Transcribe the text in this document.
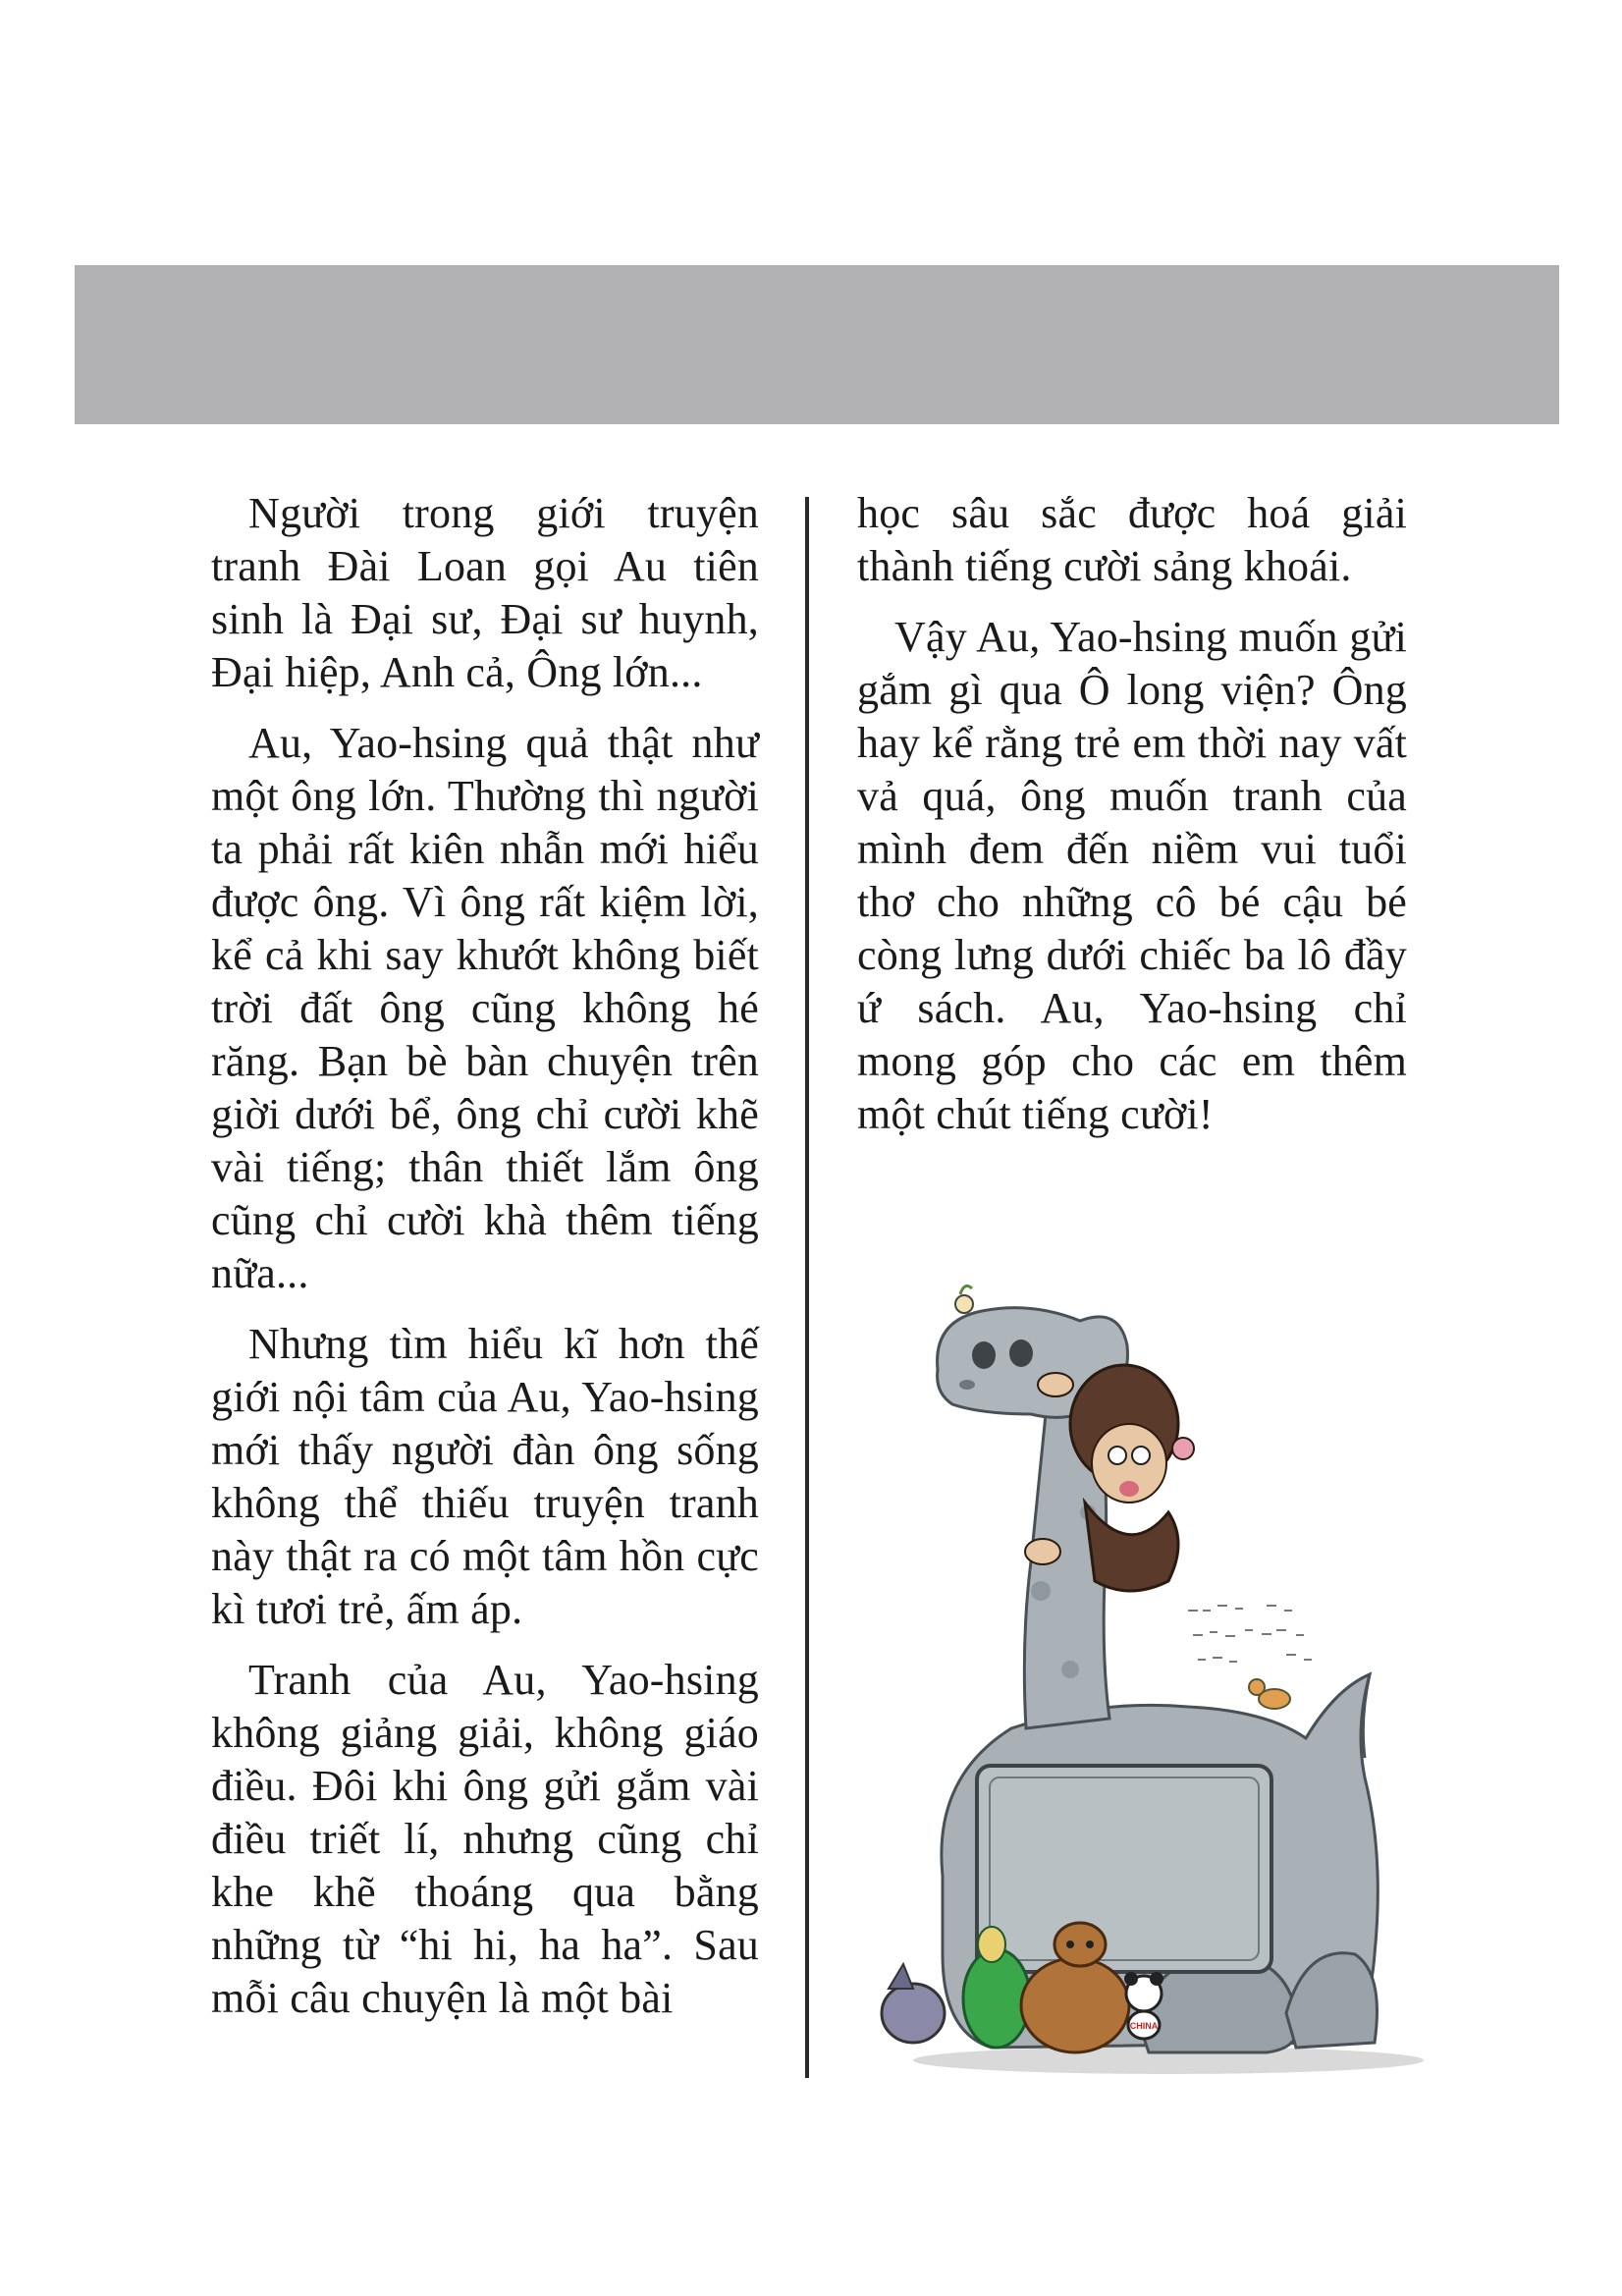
Người trong giới truyện tranh Đài Loan gọi Au tiên sinh là Đại sư, Đại sư huynh, Đại hiệp, Anh cả, Ông lớn...

Au, Yao-hsing quả thật như một ông lớn. Thường thì người ta phải rất kiên nhẫn mới hiểu được ông. Vì ông rất kiệm lời, kể cả khi say khướt không biết trời đất ông cũng không hé răng. Bạn bè bàn chuyện trên giời dưới bể, ông chỉ cười khẽ vài tiếng; thân thiết lắm ông cũng chỉ cười khà thêm tiếng nữa...

Nhưng tìm hiểu kĩ hơn thế giới nội tâm của Au, Yao-hsing mới thấy người đàn ông sống không thể thiếu truyện tranh này thật ra có một tâm hồn cực kì tươi trẻ, ấm áp.

Tranh của Au, Yao-hsing không giảng giải, không giáo điều. Đôi khi ông gửi gắm vài điều triết lí, nhưng cũng chỉ khe khẽ thoáng qua bằng những từ “hi hi, ha ha”. Sau mỗi câu chuyện là một bài

học sâu sắc được hoá giải thành tiếng cười sảng khoái.

Vậy Au, Yao-hsing muốn gửi gắm gì qua Ô long viện? Ông hay kể rằng trẻ em thời nay vất vả quá, ông muốn tranh của mình đem đến niềm vui tuổi thơ cho những cô bé cậu bé còng lưng dưới chiếc ba lô đầy ứ sách. Au, Yao-hsing chỉ mong góp cho các em thêm một chút tiếng cười!

CHINA
